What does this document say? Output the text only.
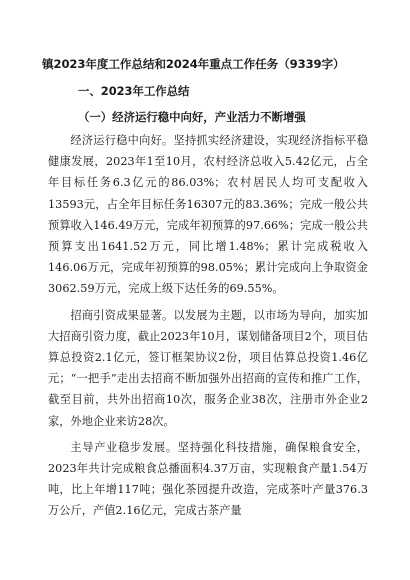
镇2023年度工作总结和2024年重点工作任务（9339字）
一、2023年工作总结
（一）经济运行稳中向好，产业活力不断增强

经济运行稳中向好。坚持抓实经济建设，实现经济指标平稳健康发展，2023年1至10月，农村经济总收入5.42亿元，占全年目标任务6.3亿元的86.03%；农村居民人均可支配收入13593元，占全年目标任务16307元的83.36%；完成一般公共预算收入146.49万元，完成年初预算的97.66%；完成一般公共预算支出1641.52万元，同比增1.48%；累计完成税收入146.06万元，完成年初预算的98.05%；累计完成向上争取资金3062.59万元，完成上级下达任务的69.55%。

招商引资成果显著。以发展为主题，以市场为导向，加实加大招商引资力度，截止2023年10月，谋划储备项目2个，项目估算总投资2.1亿元，签订框架协议2份，项目估算总投资1.46亿元；“一把手”走出去招商不断加强外出招商的宣传和推广工作，截至目前，共外出招商10次，服务企业38次，注册市外企业2家，外地企业来访28次。

主导产业稳步发展。坚持强化科技措施，确保粮食安全，2023年共计完成粮食总播面积4.37万亩，实现粮食产量1.54万吨，比上年增117吨；强化茶园提升改造，完成茶叶产量376.3万公斤，产值2.16亿元，完成古茶产量
